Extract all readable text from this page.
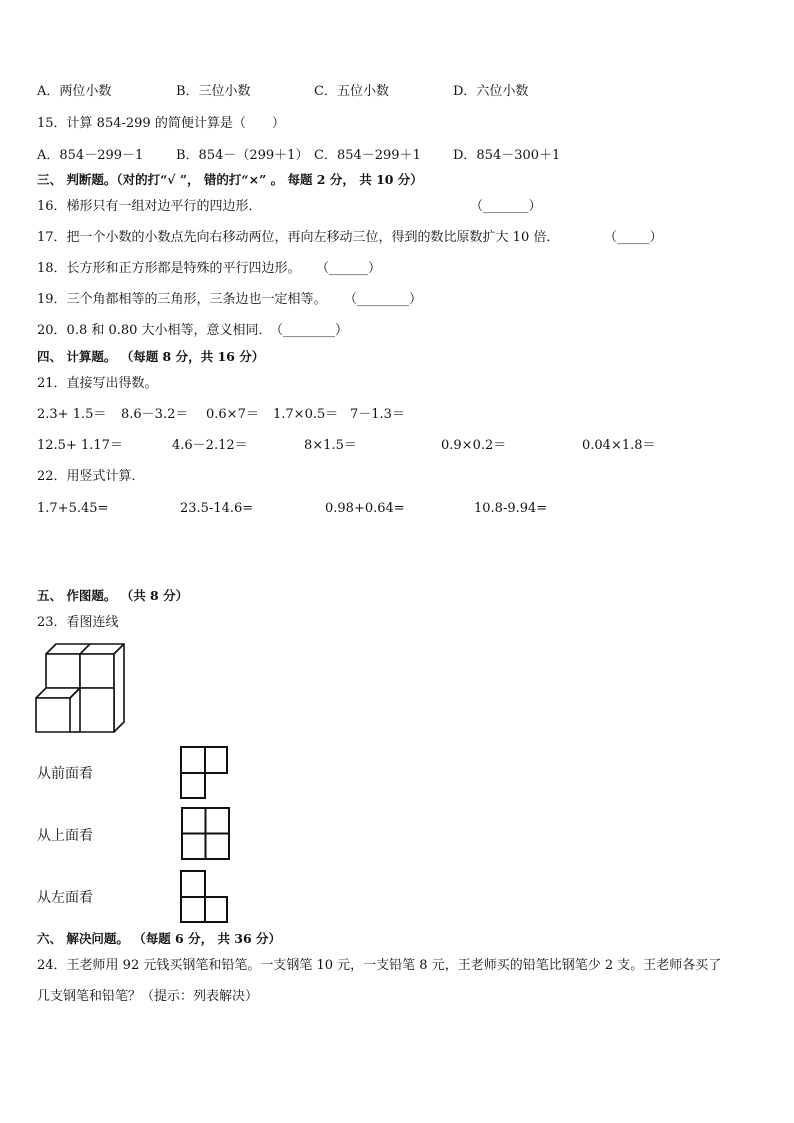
A．两位小数	B．三位小数	C．五位小数	D．六位小数
15．计算 854-299 的简便计算是（　　）
A．854－299－1	B．854－（299＋1） C．854－299＋1 D．854－300＋1
三、 判断题。（对的打“√ ”， 错的打“×” 。 每题 2 分， 共 10 分）
16．梯形只有一组对边平行的四边形．	（_______）
17．把一个小数的小数点先向右移动两位，再向左移动三位，得到的数比原数扩大 10 倍．	（_____）
18．长方形和正方形都是特殊的平行四边形。 （______）
19．三个角都相等的三角形，三条边也一定相等。 （________）
20．0.8 和 0.80 大小相等，意义相同．
（________）
四、 计算题。 （每题 8 分，共 16 分）
21．直接写出得数。
2.3+ 1.5＝ 8.6－3.2＝ 0.6×7＝ 1.7×0.5＝ 7－1.3＝
12.5+ 1.17＝	4.6－2.12＝	8×1.5＝	0.9×0.2＝	0.04×1.8＝
22．用竖式计算．
1.7+5.45=	23.5-14.6=	0.98+0.64=	10.8-9.94=
五、 作图题。 （共 8 分）
23．看图连线
从前面看
从上面看
从左面看
六、 解决问题。 （每题 6 分， 共 36 分）
24．王老师用 92 元钱买钢笔和铅笔。一支钢笔 10 元，一支铅笔 8 元，王老师买的铅笔比钢笔少 2 支。王老师各买了
几支钢笔和铅笔？（提示：列表解决）
